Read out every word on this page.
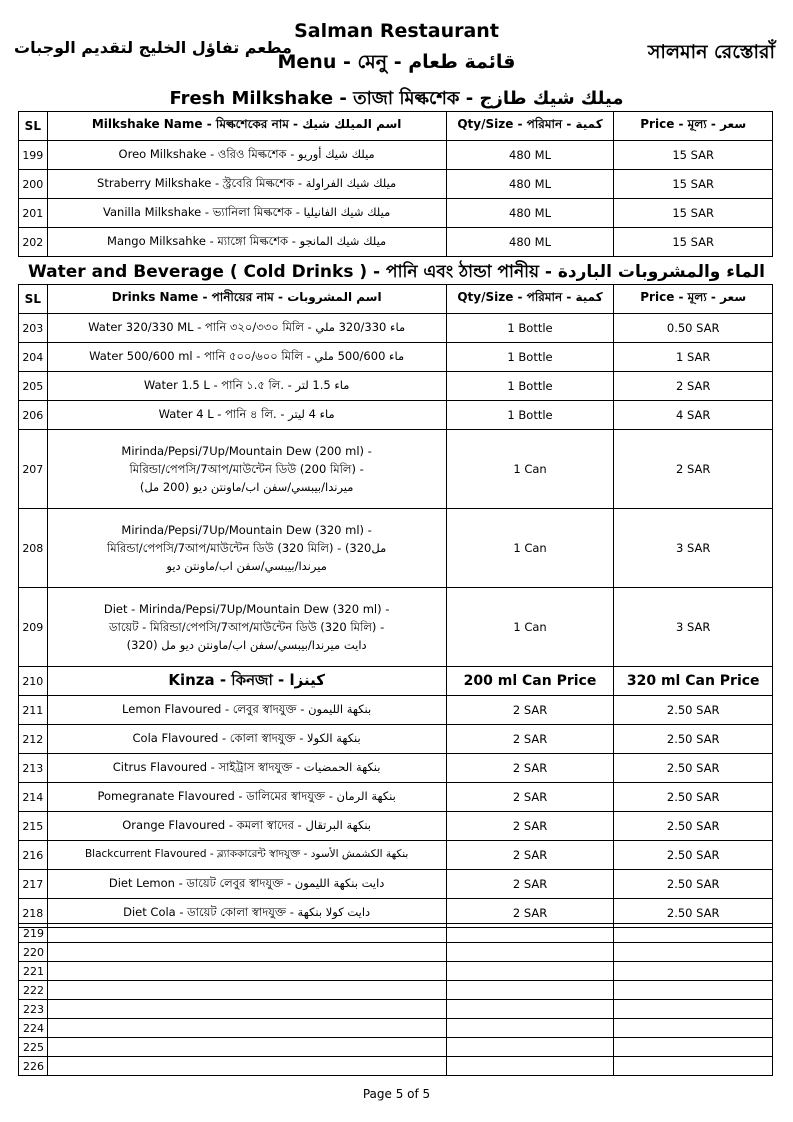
مطعم تفاؤل الخليج لتقديم الوجبات
Salman Restaurant
Menu - মেনু - قائمة طعام	সালমান রেস্তোরাঁ
Fresh Milkshake - তাজা মিল্কশেক - ميلك شيك طازج
SL	Milkshake Name - মিল্কশেকের নাম - اسم الميلك شيك	Qty/Size - পরিমান - كمية	Price - মূল্য - سعر
199	Oreo Milkshake - ওরিও মিল্কশেক - ميلك شيك أوريو	480 ML	15 SAR
200	Straberry Milkshake - স্ট্রবেরি মিল্কশেক - ميلك شيك الفراولة	480 ML	15 SAR
201	Vanilla Milkshake - ভ্যানিলা মিল্কশেক - ميلك شيك الفانيليا	480 ML	15 SAR
202	Mango Milksahke - ম্যাঙ্গো মিল্কশেক - ميلك شيك المانجو	480 ML	15 SAR
Water and Beverage ( Cold Drinks ) - পানি এবং ঠান্ডা পানীয় - الماء والمشروبات الباردة
SL	Drinks Name - পানীয়ের নাম - اسم المشروبات	Qty/Size - পরিমান - كمية	Price - মূল্য - سعر
203	Water 320/330 ML - পানি ৩২০/৩৩০ মিলি - ماء 320/330 ملي	1 Bottle	0.50 SAR
204	Water 500/600 ml - পানি ৫০০/৬০০ মিলি - ماء 500/600 ملي	1 Bottle	1 SAR
205	Water 1.5 L - পানি ১.৫ লি. - ماء 1.5 لتر	1 Bottle	2 SAR
206	Water 4 L - পানি ৪ লি. - ماء 4 ليتر	1 Bottle	4 SAR
207	Mirinda/Pepsi/7Up/Mountain Dew (200 ml) -
মিরিন্ডা/পেপসি/7আপ/মাউন্টেন ডিউ (200 মিলি) -
ميرندا/بيبسي/سفن اب/ماونتن ديو (200 مل)	1 Can	2 SAR
208	Mirinda/Pepsi/7Up/Mountain Dew (320 ml) -
মিরিন্ডা/পেপসি/7আপ/মাউন্টেন ডিউ (320 মিলি) - (320مل
ميرندا/بيبسي/سفن اب/ماونتن ديو	1 Can	3 SAR
209	Diet - Mirinda/Pepsi/7Up/Mountain Dew (320 ml) -
ডায়েট - মিরিন্ডা/পেপসি/7আপ/মাউন্টেন ডিউ (320 মিলি) -
دايت ميرندا/بيبسي/سفن اب/ماونتن ديو مل (320)	1 Can	3 SAR
210	Kinza - কিনজা - كينزا	200 ml Can Price	320 ml Can Price
211	Lemon Flavoured - লেবুর স্বাদযুক্ত - بنكهة الليمون	2 SAR	2.50 SAR
212	Cola Flavoured - কোলা স্বাদযুক্ত - بنكهة الكولا	2 SAR	2.50 SAR
213	Citrus Flavoured - সাইট্রাস স্বাদযুক্ত - بنكهة الحمضيات	2 SAR	2.50 SAR
214	Pomegranate Flavoured - ডালিমের স্বাদযুক্ত - بنكهة الرمان	2 SAR	2.50 SAR
215	Orange Flavoured - কমলা স্বাদের - بنكهة البرتقال	2 SAR	2.50 SAR
216	Blackcurrent Flavoured - ব্ল্যাককারেন্ট স্বাদযুক্ত - بنكهة الكشمش الأسود	2 SAR	2.50 SAR
217	Diet Lemon - ডায়েট লেবুর স্বাদযুক্ত - دايت بنكهة الليمون	2 SAR	2.50 SAR
218	Diet Cola - ডায়েট কোলা স্বাদযুক্ত - دايت كولا بنكهة	2 SAR	2.50 SAR
219			
220			
221			
222			
223			
224			
225			
226			
Page 5 of 5
